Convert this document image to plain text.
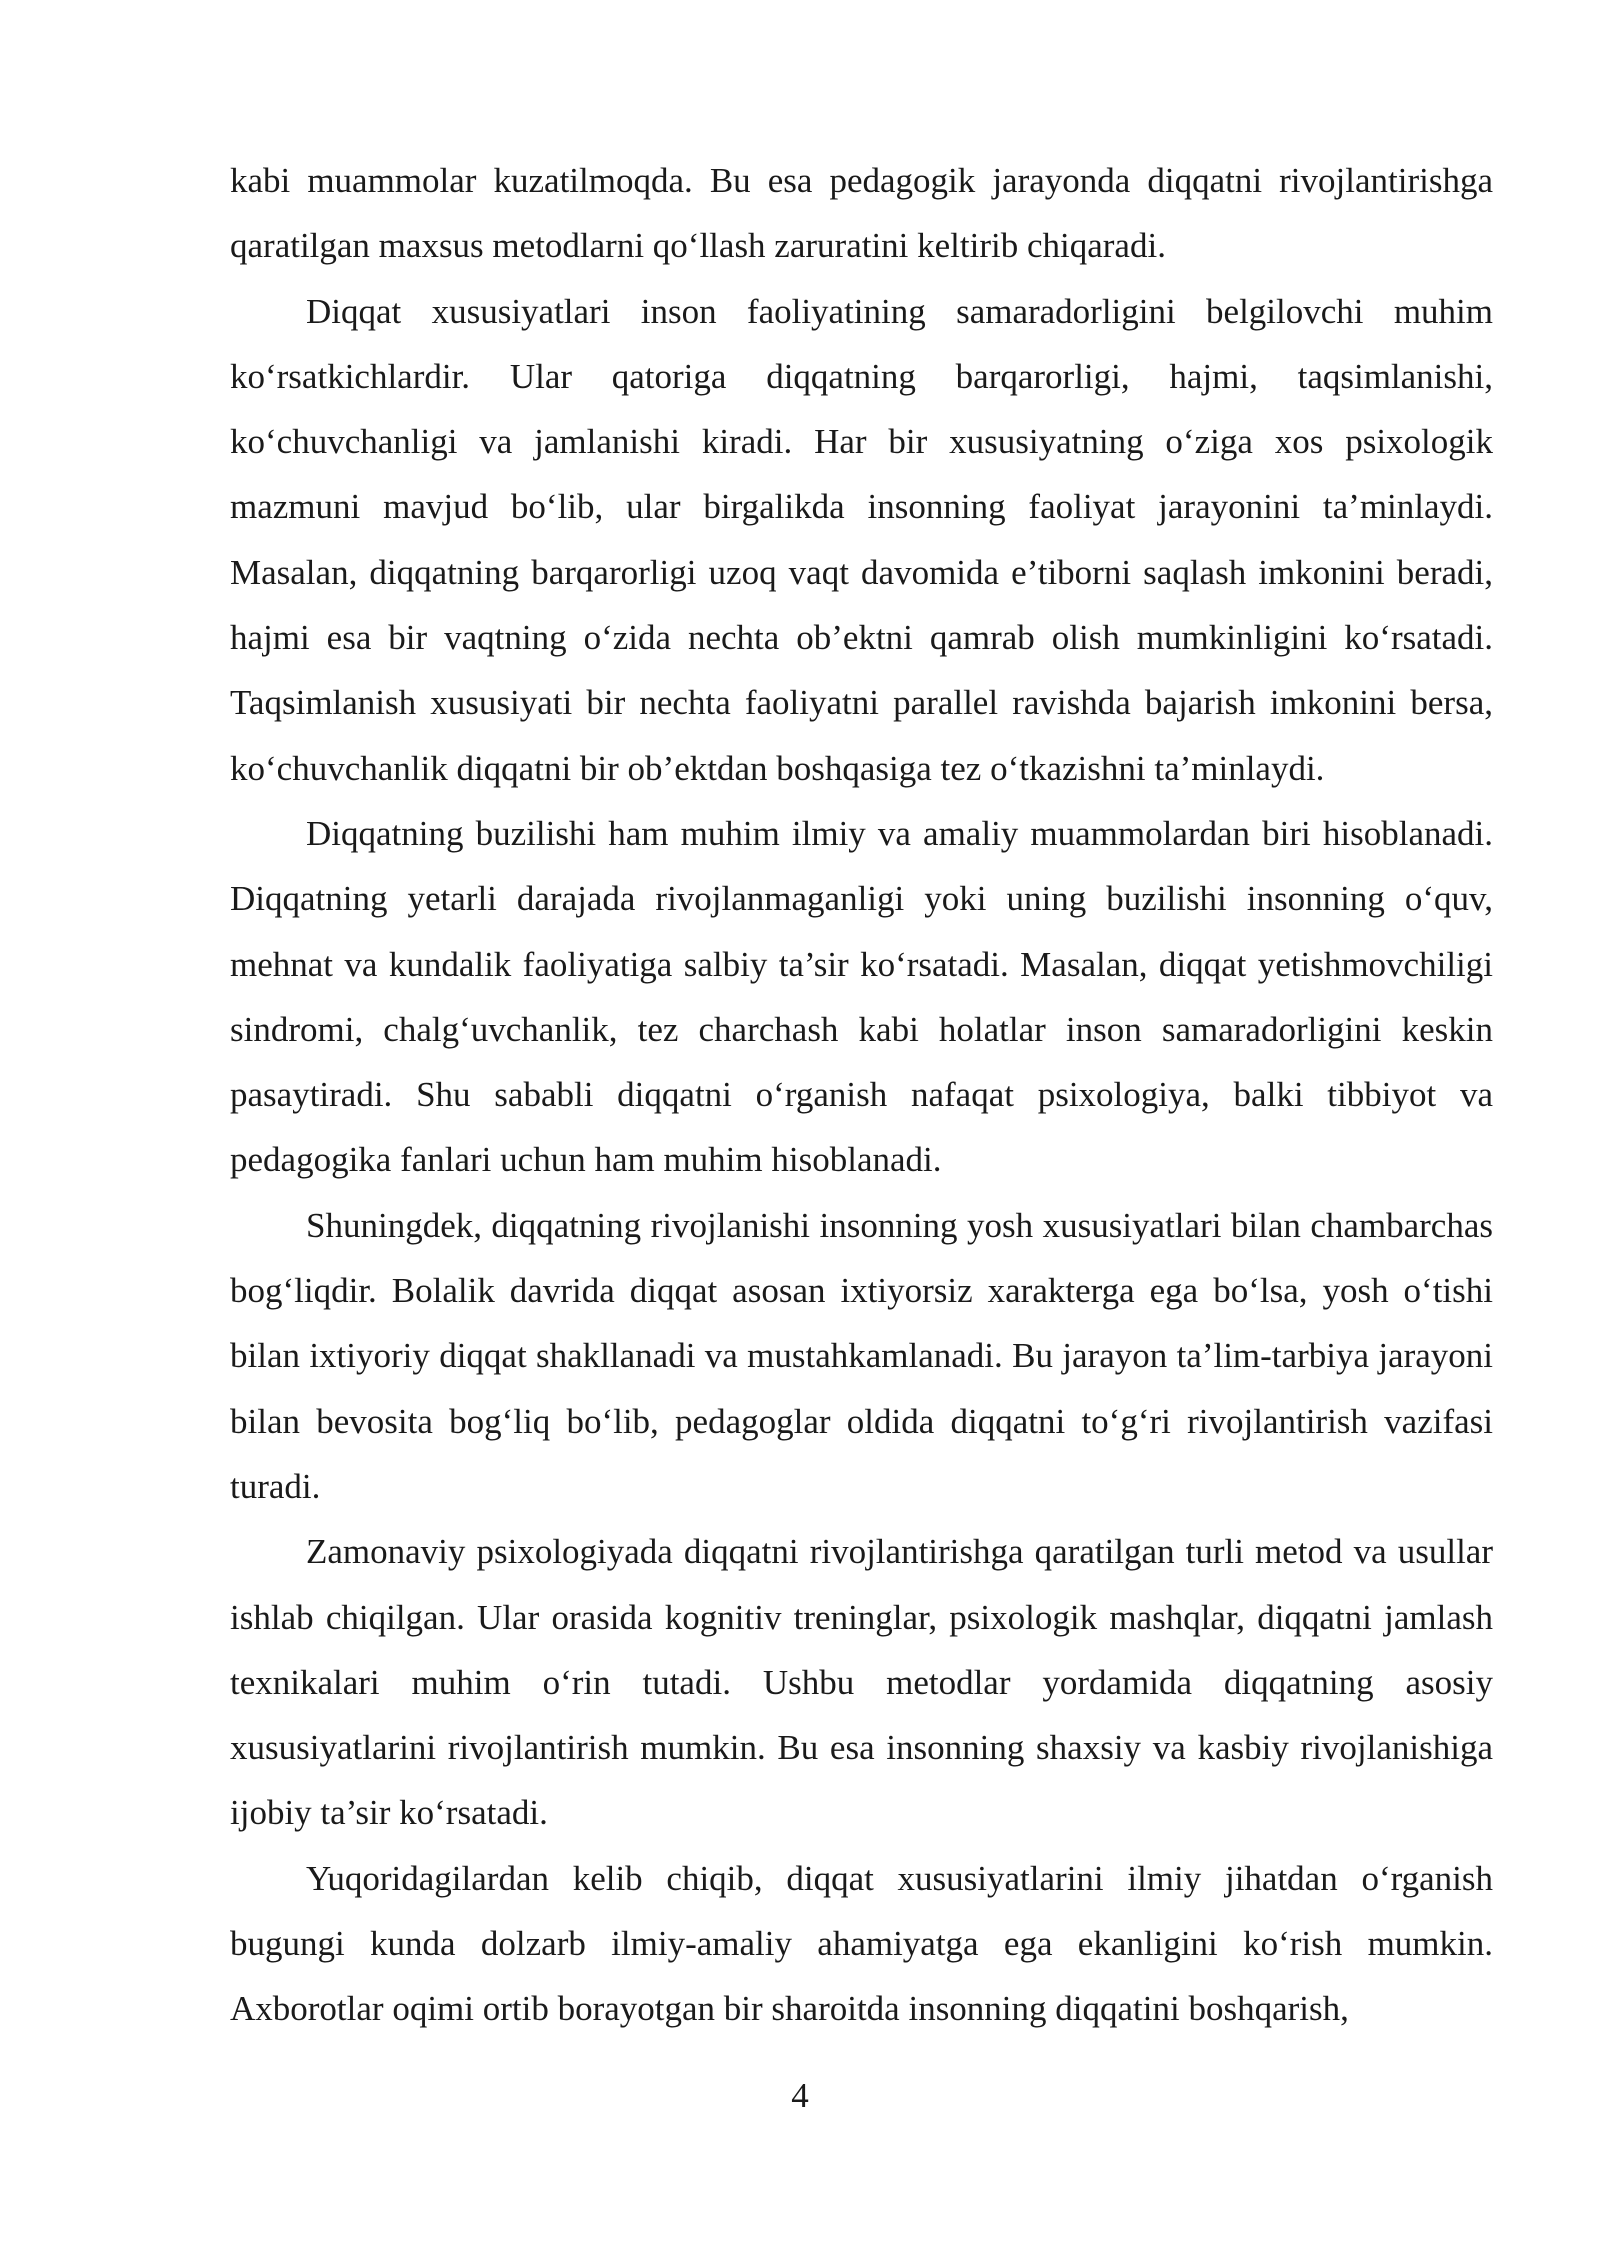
kabi muammolar kuzatilmoqda. Bu esa pedagogik jarayonda diqqatni rivojlantirishga qaratilgan maxsus metodlarni qo‘llash zaruratini keltirib chiqaradi.

Diqqat xususiyatlari inson faoliyatining samaradorligini belgilovchi muhim ko‘rsatkichlardir. Ular qatoriga diqqatning barqarorligi, hajmi, taqsimlanishi, ko‘chuvchanligi va jamlanishi kiradi. Har bir xususiyatning o‘ziga xos psixologik mazmuni mavjud bo‘lib, ular birgalikda insonning faoliyat jarayonini ta’minlaydi. Masalan, diqqatning barqarorligi uzoq vaqt davomida e’tiborni saqlash imkonini beradi, hajmi esa bir vaqtning o‘zida nechta ob’ektni qamrab olish mumkinligini ko‘rsatadi. Taqsimlanish xususiyati bir nechta faoliyatni parallel ravishda bajarish imkonini bersa, ko‘chuvchanlik diqqatni bir ob’ektdan boshqasiga tez o‘tkazishni ta’minlaydi.

Diqqatning buzilishi ham muhim ilmiy va amaliy muammolardan biri hisoblanadi. Diqqatning yetarli darajada rivojlanmaganligi yoki uning buzilishi insonning o‘quv, mehnat va kundalik faoliyatiga salbiy ta’sir ko‘rsatadi. Masalan, diqqat yetishmovchiligi sindromi, chalg‘uvchanlik, tez charchash kabi holatlar inson samaradorligini keskin pasaytiradi. Shu sababli diqqatni o‘rganish nafaqat psixologiya, balki tibbiyot va pedagogika fanlari uchun ham muhim hisoblanadi.

Shuningdek, diqqatning rivojlanishi insonning yosh xususiyatlari bilan chambarchas bog‘liqdir. Bolalik davrida diqqat asosan ixtiyorsiz xarakterga ega bo‘lsa, yosh o‘tishi bilan ixtiyoriy diqqat shakllanadi va mustahkamlanadi. Bu jarayon ta’lim-tarbiya jarayoni bilan bevosita bog‘liq bo‘lib, pedagoglar oldida diqqatni to‘g‘ri rivojlantirish vazifasi turadi.

Zamonaviy psixologiyada diqqatni rivojlantirishga qaratilgan turli metod va usullar ishlab chiqilgan. Ular orasida kognitiv treninglar, psixologik mashqlar, diqqatni jamlash texnikalari muhim o‘rin tutadi. Ushbu metodlar yordamida diqqatning asosiy xususiyatlarini rivojlantirish mumkin. Bu esa insonning shaxsiy va kasbiy rivojlanishiga ijobiy ta’sir ko‘rsatadi.

Yuqoridagilardan kelib chiqib, diqqat xususiyatlarini ilmiy jihatdan o‘rganish bugungi kunda dolzarb ilmiy-amaliy ahamiyatga ega ekanligini ko‘rish mumkin. Axborotlar oqimi ortib borayotgan bir sharoitda insonning diqqatini boshqarish,

4
